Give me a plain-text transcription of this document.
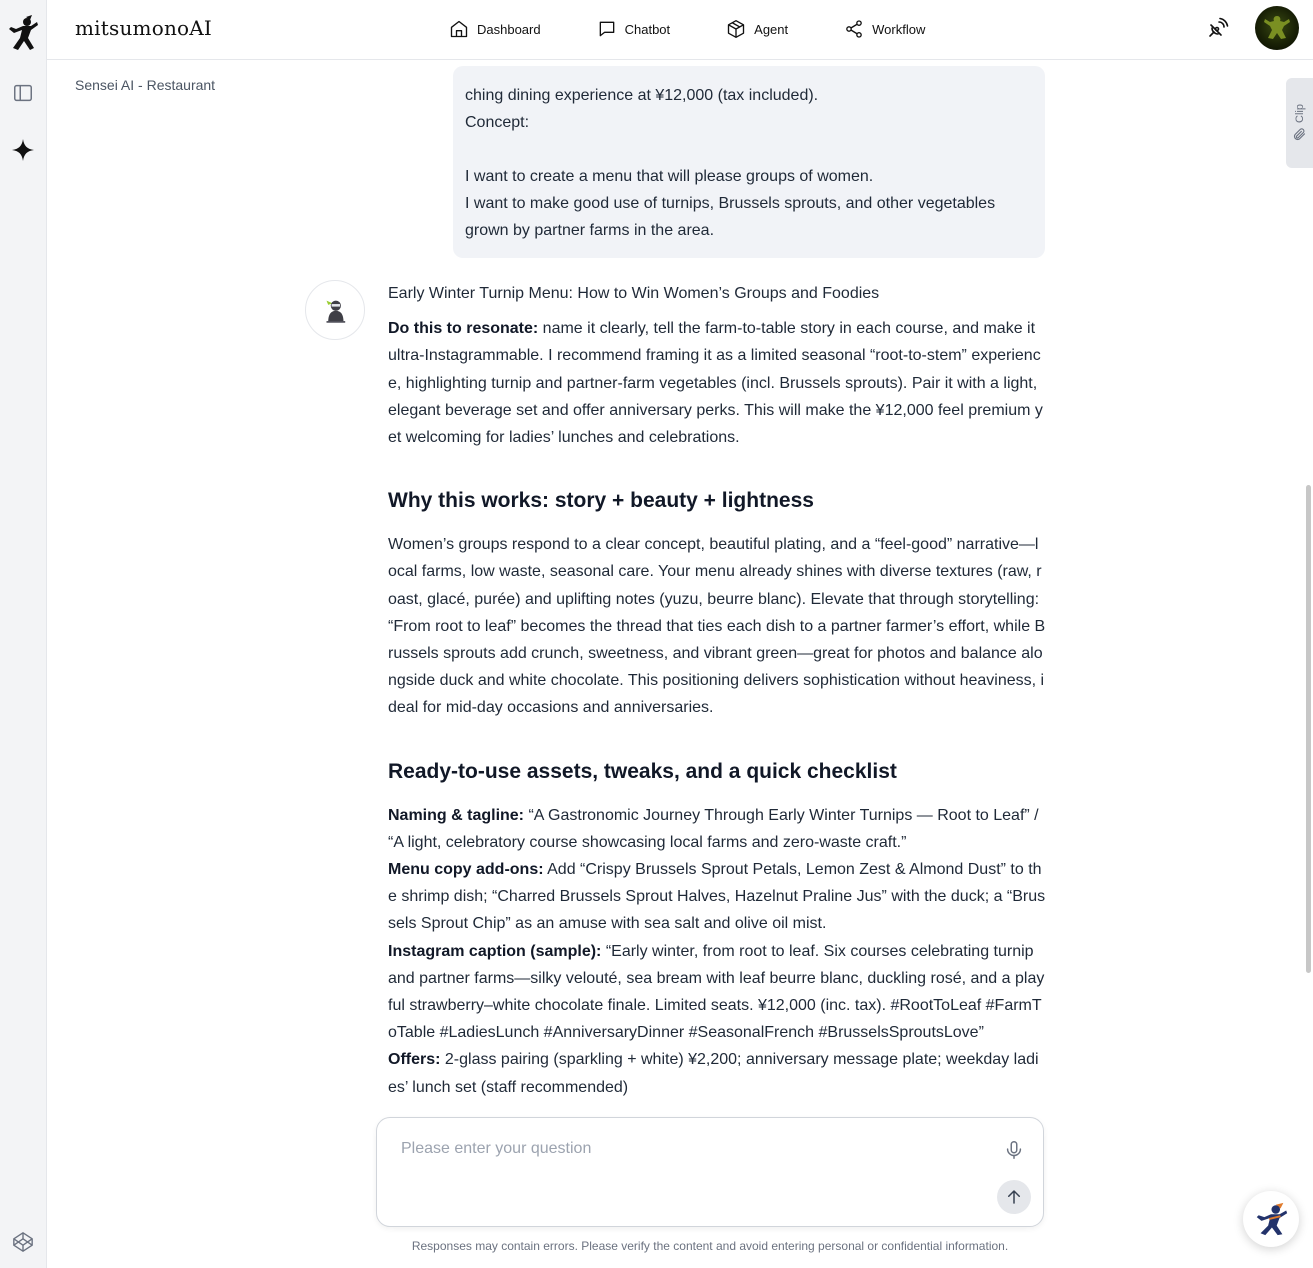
mitsumonoAI	Dashboard	Chatbot	Agent	Workflow
Sensei AI - Restaurant
Clip

ching dining experience at ¥12,000 (tax included).

Concept:

I want to create a menu that will please groups of women.

I want to make good use of turnips, Brussels sprouts, and other vegetables grown by partner farms in the area.

Early Winter Turnip Menu: How to Win Women’s Groups and Foodies

Do this to resonate: name it clearly, tell the farm-to-table story in each course, and make it ultra-Instagrammable. I recommend framing it as a limited seasonal “root-to-stem” experience, highlighting turnip and partner-farm vegetables (incl. Brussels sprouts). Pair it with a light, elegant beverage set and offer anniversary perks. This will make the ¥12,000 feel premium yet welcoming for ladies’ lunches and celebrations.

Why this works: story + beauty + lightness

Women’s groups respond to a clear concept, beautiful plating, and a “feel-good” narrative—local farms, low waste, seasonal care. Your menu already shines with diverse textures (raw, roast, glacé, purée) and uplifting notes (yuzu, beurre blanc). Elevate that through storytelling: “From root to leaf” becomes the thread that ties each dish to a partner farmer’s effort, while Brussels sprouts add crunch, sweetness, and vibrant green—great for photos and balance alongside duck and white chocolate. This positioning delivers sophistication without heaviness, ideal for mid-day occasions and anniversaries.

Ready-to-use assets, tweaks, and a quick checklist

Naming & tagline: “A Gastronomic Journey Through Early Winter Turnips — Root to Leaf” / “A light, celebratory course showcasing local farms and zero-waste craft.”

Menu copy add-ons: Add “Crispy Brussels Sprout Petals, Lemon Zest & Almond Dust” to the shrimp dish; “Charred Brussels Sprout Halves, Hazelnut Praline Jus” with the duck; a “Brussels Sprout Chip” as an amuse with sea salt and olive oil mist.

Instagram caption (sample): “Early winter, from root to leaf. Six courses celebrating turnip and partner farms—silky velouté, sea bream with leaf beurre blanc, duckling rosé, and a playful strawberry–white chocolate finale. Limited seats. ¥12,000 (inc. tax). #RootToLeaf #FarmToTable #LadiesLunch #AnniversaryDinner #SeasonalFrench #BrusselsSproutsLove”

Offers: 2-glass pairing (sparkling + white) ¥2,200; anniversary message plate; weekday ladies’ lunch set (staff recommended)

Please enter your question
Responses may contain errors. Please verify the content and avoid entering personal or confidential information.
